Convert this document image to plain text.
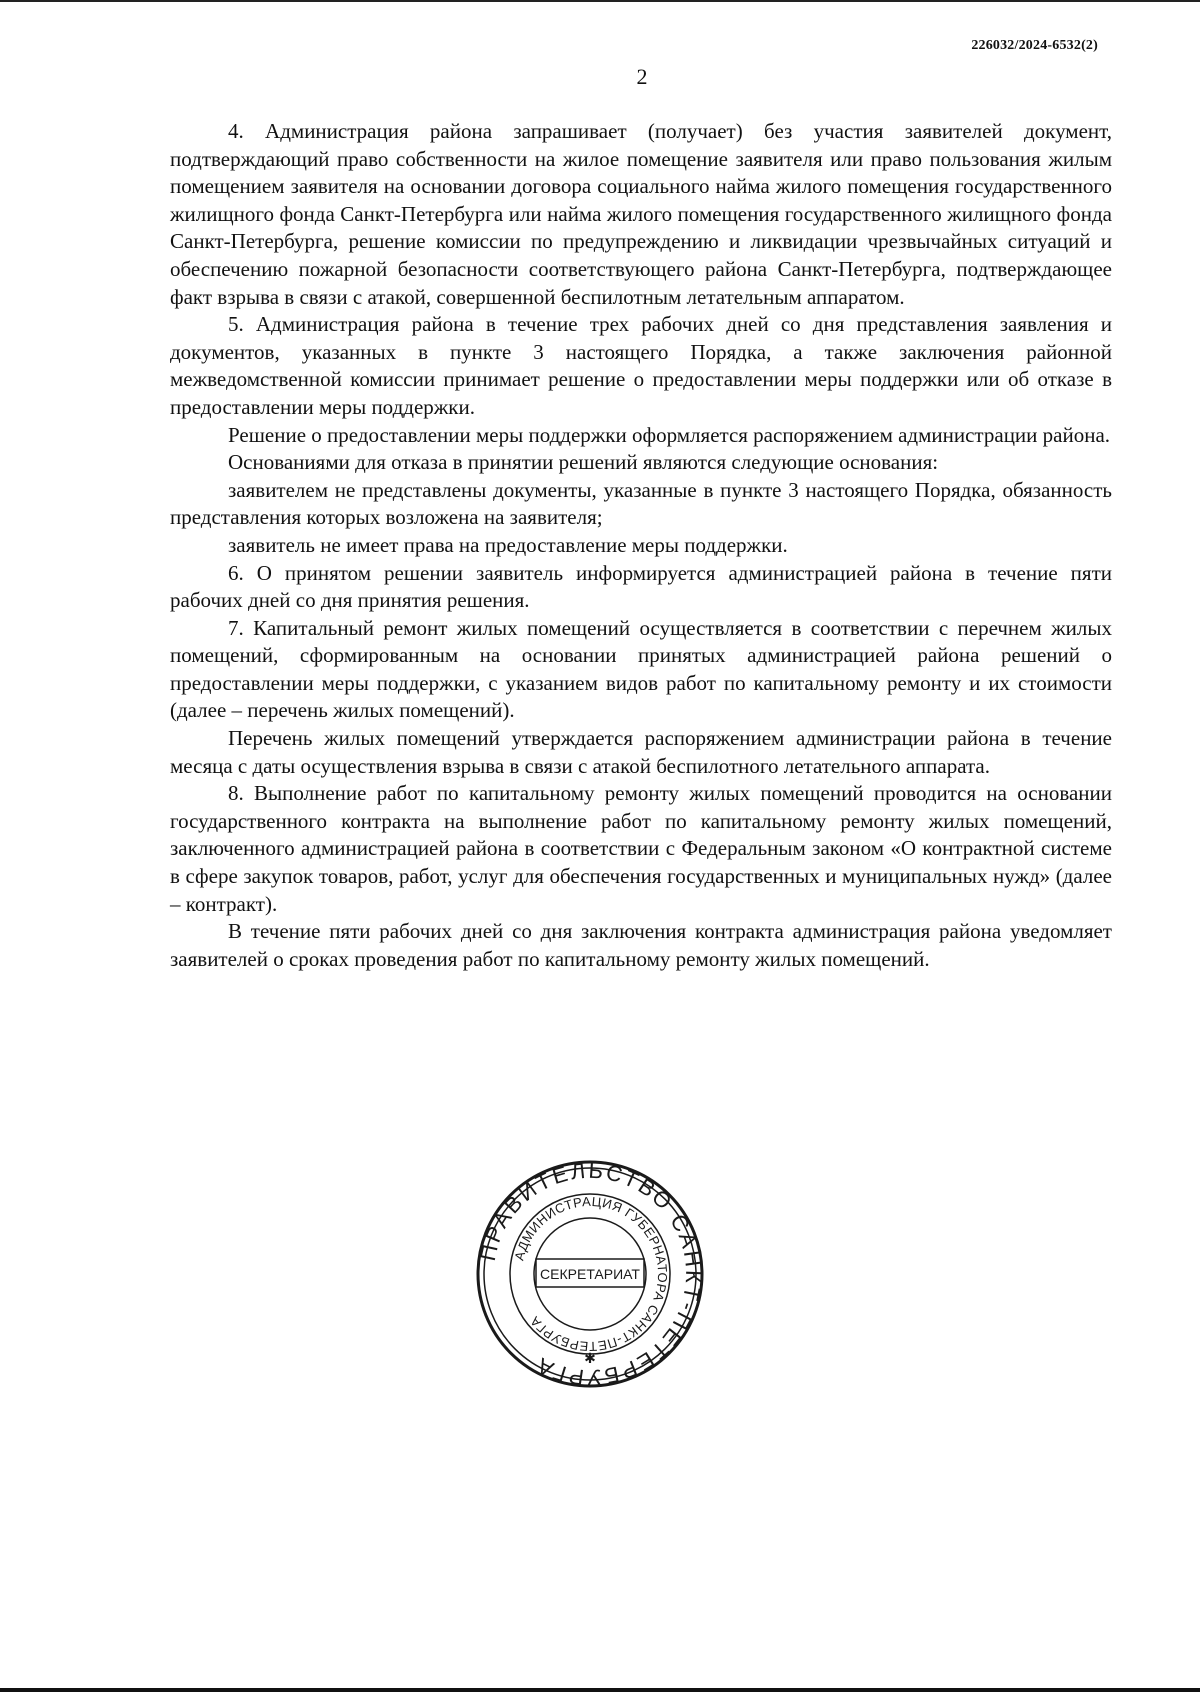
226032/2024-6532(2)
2

4. Администрация района запрашивает (получает) без участия заявителей документ, подтверждающий право собственности на жилое помещение заявителя или право пользования жилым помещением заявителя на основании договора социального найма жилого помещения государственного жилищного фонда Санкт-Петербурга или найма жилого помещения государственного жилищного фонда Санкт-Петербурга, решение комиссии по предупреждению и ликвидации чрезвычайных ситуаций и обеспечению пожарной безопасности соответствующего района Санкт-Петербурга, подтверждающее факт взрыва в связи с атакой, совершенной беспилотным летательным аппаратом.

5. Администрация района в течение трех рабочих дней со дня представления заявления и документов, указанных в пункте 3 настоящего Порядка, а также заключения районной межведомственной комиссии принимает решение о предоставлении меры поддержки или об отказе в предоставлении меры поддержки.

Решение о предоставлении меры поддержки оформляется распоряжением администрации района.

Основаниями для отказа в принятии решений являются следующие основания:

заявителем не представлены документы, указанные в пункте 3 настоящего Порядка, обязанность представления которых возложена на заявителя;

заявитель не имеет права на предоставление меры поддержки.

6. О принятом решении заявитель информируется администрацией района в течение пяти рабочих дней со дня принятия решения.

7. Капитальный ремонт жилых помещений осуществляется в соответствии с перечнем жилых помещений, сформированным на основании принятых администрацией района решений о предоставлении меры поддержки, с указанием видов работ по капитальному ремонту и их стоимости (далее – перечень жилых помещений).

Перечень жилых помещений утверждается распоряжением администрации района в течение месяца с даты осуществления взрыва в связи с атакой беспилотного летательного аппарата.

8. Выполнение работ по капитальному ремонту жилых помещений проводится на основании государственного контракта на выполнение работ по капитальному ремонту жилых помещений, заключенного администрацией района в соответствии с Федеральным законом «О контрактной системе в сфере закупок товаров, работ, услуг для обеспечения государственных и муниципальных нужд» (далее – контракт).

В течение пяти рабочих дней со дня заключения контракта администрация района уведомляет заявителей о сроках проведения работ по капитальному ремонту жилых помещений.

ПРАВИТЕЛЬСТВО САНКТ-ПЕТЕРБУРГА
АДМИНИСТРАЦИЯ ГУБЕРНАТОРА САНКТ-ПЕТЕРБУРГА
СЕКРЕТАРИАТ
✱
